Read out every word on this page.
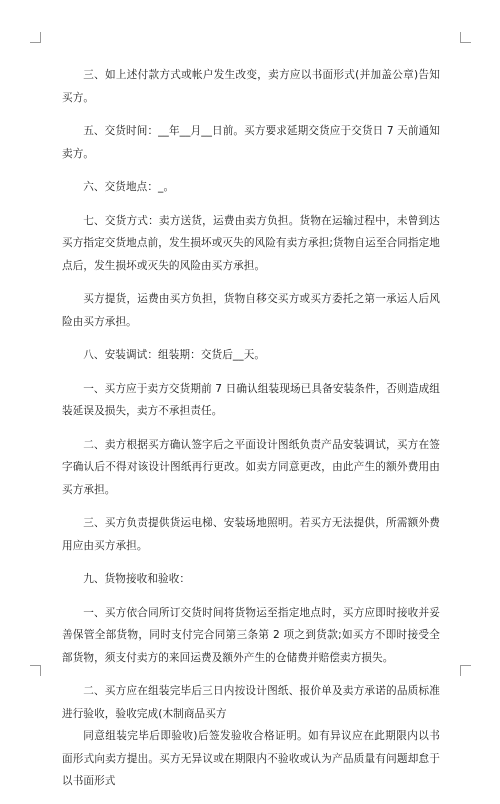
三、如上述付款方式或帐户发生改变，卖方应以书面形式(并加盖公章)告知买方。

五、交货时间：__年__月__日前。买方要求延期交货应于交货日 7 天前通知卖方。

六、交货地点：_。

七、交货方式：卖方送货，运费由卖方负担。货物在运输过程中，未曾到达买方指定交货地点前，发生损坏或灭失的风险有卖方承担;货物自运至合同指定地点后，发生损坏或灭失的风险由买方承担。

买方提货，运费由买方负担，货物自移交买方或买方委托之第一承运人后风险由买方承担。

八、安装调试：组装期：交货后__天。

一、买方应于卖方交货期前 7 日确认组装现场已具备安装条件，否则造成组装延误及损失，卖方不承担责任。

二、卖方根据买方确认签字后之平面设计图纸负责产品安装调试，买方在签字确认后不得对该设计图纸再行更改。如卖方同意更改，由此产生的额外费用由买方承担。

三、买方负责提供货运电梯、安装场地照明。若买方无法提供，所需额外费用应由买方承担。

九、货物接收和验收：

一、买方依合同所订交货时间将货物运至指定地点时，买方应即时接收并妥善保管全部货物，同时支付完合同第三条第 2 项之到货款;如买方不即时接受全部货物，须支付卖方的来回运费及额外产生的仓储费并赔偿卖方损失。

二、买方应在组装完毕后三日内按设计图纸、报价单及卖方承诺的品质标准进行验收，验收完成(木制商品买方

同意组装完毕后即验收)后签发验收合格证明。如有异议应在此期限内以书面形式向卖方提出。买方无异议或在期限内不验收或认为产品质量有问题却怠于以书面形式
